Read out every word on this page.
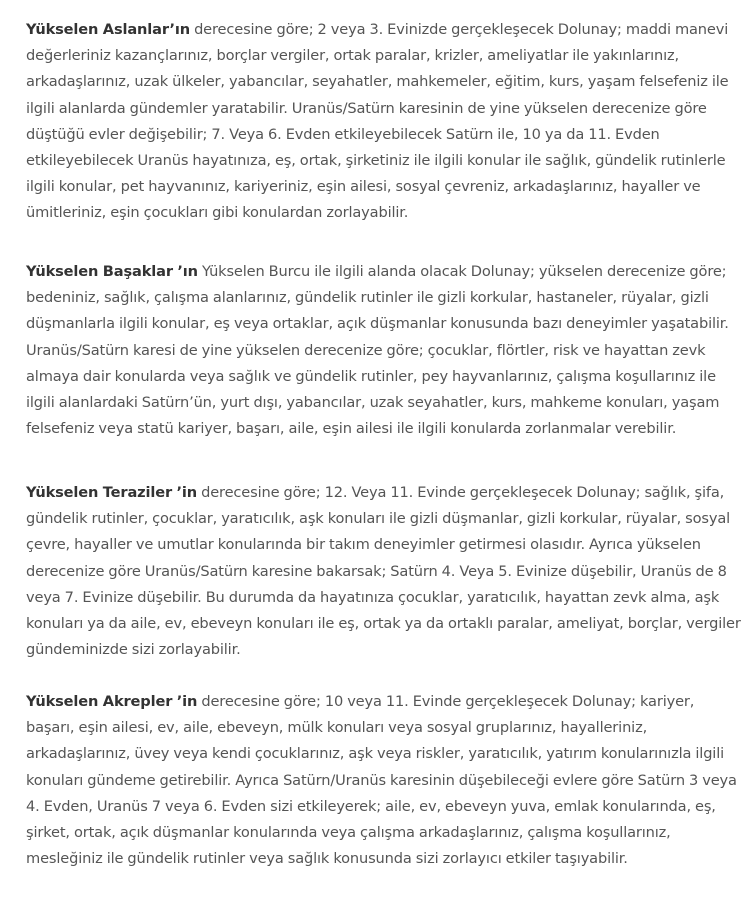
Yükselen Aslanlar’ın derecesine göre; 2 veya 3. Evinizde gerçekleşecek Dolunay; maddi manevi değerleriniz kazançlarınız, borçlar vergiler, ortak paralar, krizler, ameliyatlar ile yakınlarınız, arkadaşlarınız, uzak ülkeler, yabancılar, seyahatler, mahkemeler, eğitim, kurs, yaşam felsefeniz ile ilgili alanlarda gündemler yaratabilir. Uranüs/Satürn karesinin de yine yükselen derecenize göre düştüğü evler değişebilir; 7. Veya 6. Evden etkileyebilecek Satürn ile, 10 ya da 11. Evden etkileyebilecek Uranüs hayatınıza, eş, ortak, şirketiniz ile ilgili konular ile sağlık, gündelik rutinlerle ilgili konular, pet hayvanınız, kariyeriniz, eşin ailesi, sosyal çevreniz, arkadaşlarınız, hayaller ve ümitleriniz, eşin çocukları gibi konulardan zorlayabilir.

Yükselen Başaklar ’ın Yükselen Burcu ile ilgili alanda olacak Dolunay; yükselen derecenize göre; bedeniniz, sağlık, çalışma alanlarınız, gündelik rutinler ile gizli korkular, hastaneler, rüyalar, gizli düşmanlarla ilgili konular, eş veya ortaklar, açık düşmanlar konusunda bazı deneyimler yaşatabilir. Uranüs/Satürn karesi de yine yükselen derecenize göre; çocuklar, flörtler, risk ve hayattan zevk almaya dair konularda veya sağlık ve gündelik rutinler, pey hayvanlarınız, çalışma koşullarınız ile ilgili alanlardaki Satürn’ün, yurt dışı, yabancılar, uzak seyahatler, kurs, mahkeme konuları, yaşam felsefeniz veya statü kariyer, başarı, aile, eşin ailesi ile ilgili konularda zorlanmalar verebilir.

Yükselen Teraziler ’in derecesine göre; 12. Veya 11. Evinde gerçekleşecek Dolunay; sağlık, şifa, gündelik rutinler, çocuklar, yaratıcılık, aşk konuları ile gizli düşmanlar, gizli korkular, rüyalar, sosyal çevre, hayaller ve umutlar konularında bir takım deneyimler getirmesi olasıdır. Ayrıca yükselen derecenize göre Uranüs/Satürn karesine bakarsak; Satürn 4. Veya 5. Evinize düşebilir, Uranüs de 8 veya 7. Evinize düşebilir. Bu durumda da hayatınıza çocuklar, yaratıcılık, hayattan zevk alma, aşk konuları ya da aile, ev, ebeveyn konuları ile eş, ortak ya da ortaklı paralar, ameliyat, borçlar, vergiler gündeminizde sizi zorlayabilir.

Yükselen Akrepler ’in derecesine göre; 10 veya 11. Evinde gerçekleşecek Dolunay; kariyer, başarı, eşin ailesi, ev, aile, ebeveyn, mülk konuları veya sosyal gruplarınız, hayalleriniz, arkadaşlarınız, üvey veya kendi çocuklarınız, aşk veya riskler, yaratıcılık, yatırım konularınızla ilgili konuları gündeme getirebilir. Ayrıca Satürn/Uranüs karesinin düşebileceği evlere göre Satürn 3 veya 4. Evden, Uranüs 7 veya 6. Evden sizi etkileyerek; aile, ev, ebeveyn yuva, emlak konularında, eş, şirket, ortak, açık düşmanlar konularında veya çalışma arkadaşlarınız, çalışma koşullarınız, mesleğiniz ile gündelik rutinler veya sağlık konusunda sizi zorlayıcı etkiler taşıyabilir.
